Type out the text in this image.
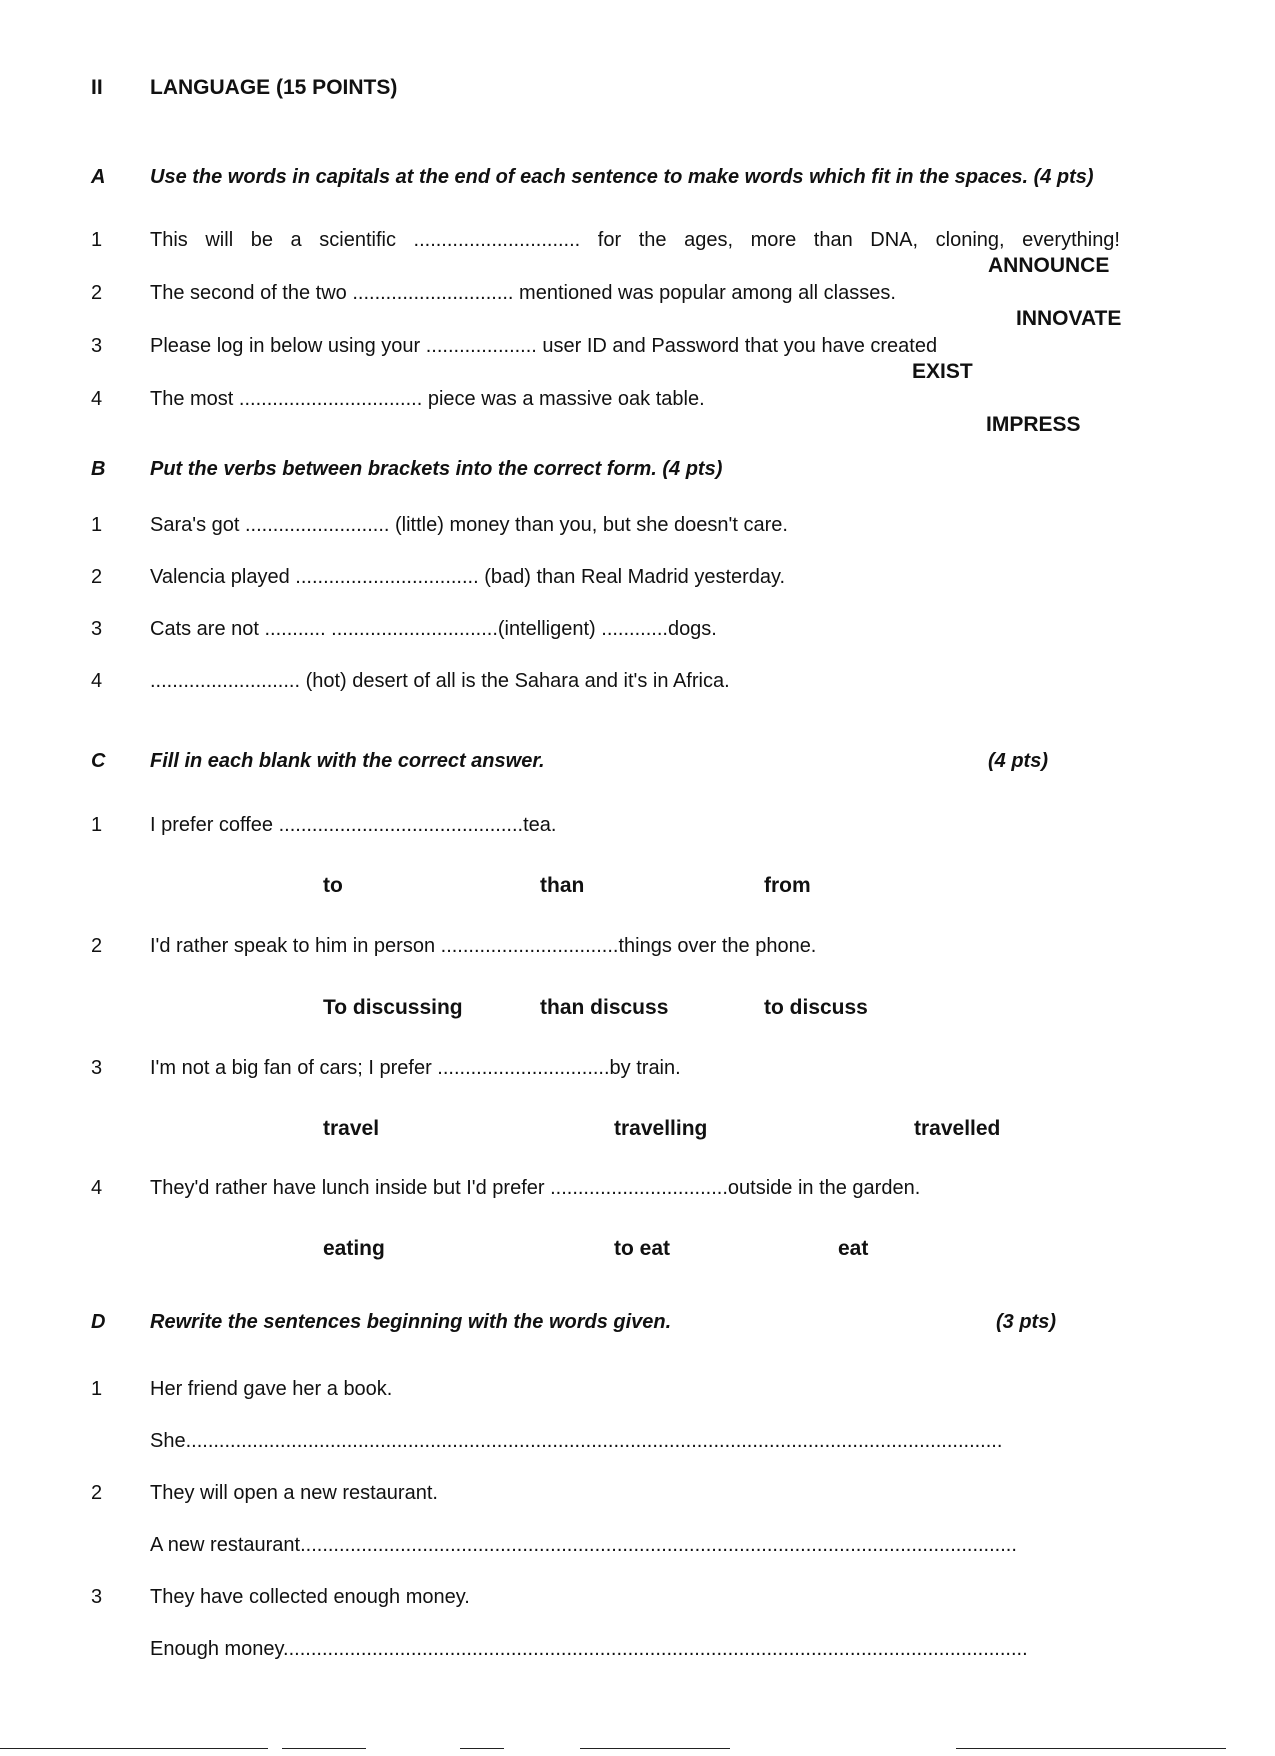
II LANGUAGE (15 POINTS)
A Use the words in capitals at the end of each sentence to make words which fit in the spaces. (4 pts)
1 This will be a scientific .............................. for the ages, more than DNA, cloning, everything!
ANNOUNCE
2 The second of the two ............................. mentioned was popular among all classes.
INNOVATE
3 Please log in below using your .................... user ID and Password that you have created
EXIST
4 The most ................................. piece was a massive oak table.
IMPRESS
B Put the verbs between brackets into the correct form. (4 pts)
1 Sara's got .......................... (little) money than you, but she doesn't care.
2 Valencia played ................................. (bad) than Real Madrid yesterday.
3 Cats are not ........... ..............................(intelligent) ............dogs.
4 ........................... (hot) desert of all is the Sahara and it's in Africa.
C Fill in each blank with the correct answer.	(4 pts)
1 I prefer coffee ............................................tea.
to	than	from
2 I'd rather speak to him in person ................................things over the phone.
To discussing	than discuss	to discuss
3 I'm not a big fan of cars; I prefer ...............................by train.
travel	travelling	travelled
4 They'd rather have lunch inside but I'd prefer ................................outside in the garden.
eating	to eat	eat
D Rewrite the sentences beginning with the words given.	(3 pts)
1 Her friend gave her a book.
She...................................................................................................................................................
2 They will open a new restaurant.
A new restaurant.................................................................................................................................
3 They have collected enough money.
Enough money......................................................................................................................................
